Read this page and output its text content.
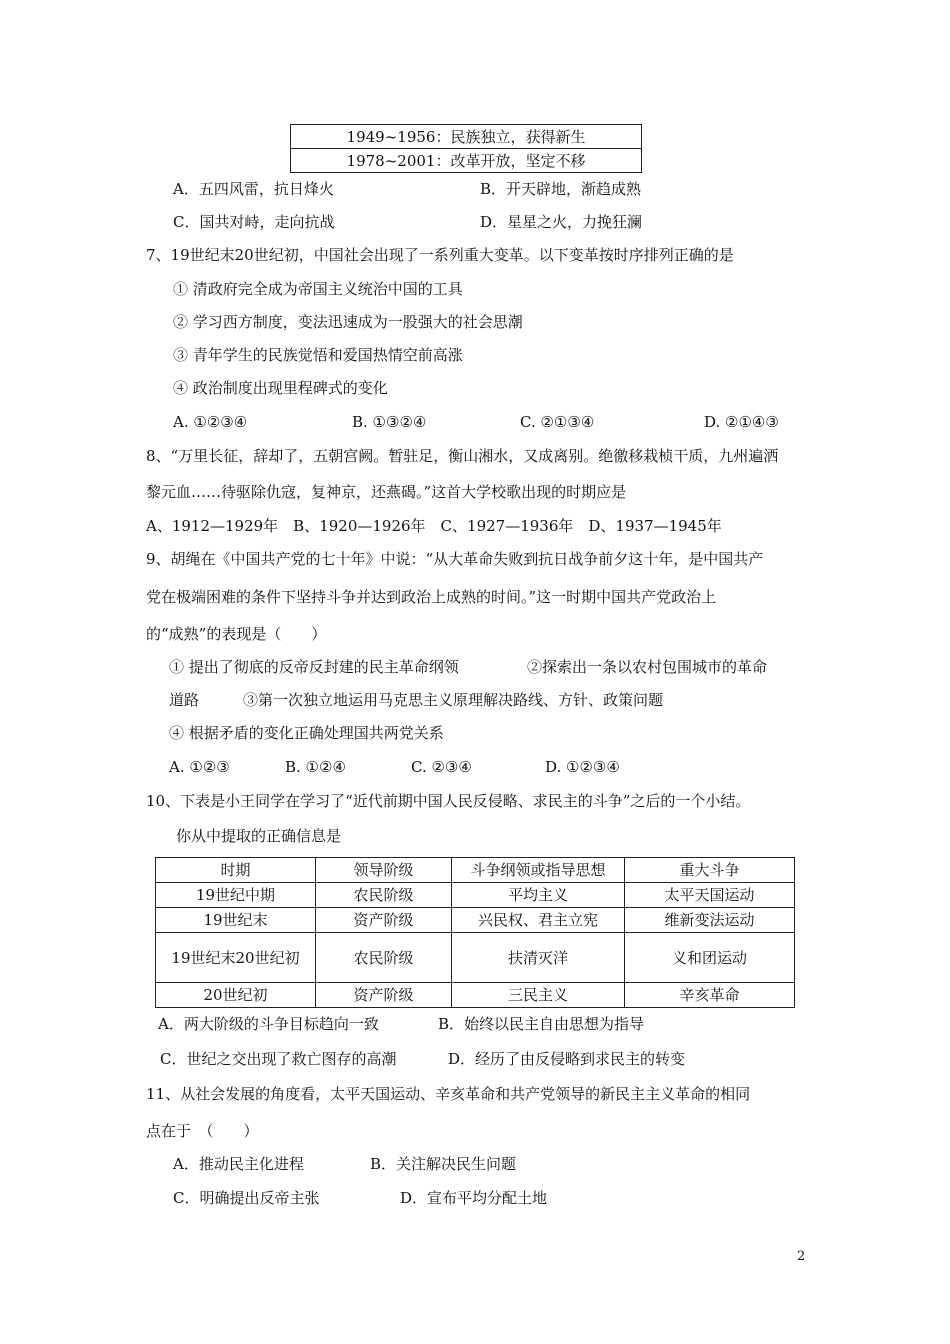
1949~1956：民族独立，获得新生
1978~2001：改革开放，坚定不移
A．五四风雷，抗日烽火	B．开天辟地，渐趋成熟
C．国共对峙，走向抗战	D．星星之火，力挽狂澜
7、19世纪末20世纪初，中国社会出现了一系列重大变革。以下变革按时序排列正确的是
① 清政府完全成为帝国主义统治中国的工具
② 学习西方制度，变法迅速成为一股强大的社会思潮
③ 青年学生的民族觉悟和爱国热情空前高涨
④ 政治制度出现里程碑式的变化
A. ①②③④	B. ①③②④	C. ②①③④	D. ②①④③
8、“万里长征，辞却了，五朝宫阙。暂驻足，衡山湘水，又成离别。绝徼移栽桢干质，九州遍洒
黎元血……待驱除仇寇，复神京，还燕碣。”这首大学校歌出现的时期应是
A、1912—1929年　B、1920—1926年　C、1927—1936年　D、1937—1945年
9、胡绳在《中国共产党的七十年》中说：“从大革命失败到抗日战争前夕这十年，是中国共产
党在极端困难的条件下坚持斗争并达到政治上成熟的时间。”这一时期中国共产党政治上
的“成熟”的表现是（　　）
① 提出了彻底的反帝反封建的民主革命纲领	②探索出一条以农村包围城市的革命
道路	③第一次独立地运用马克思主义原理解决路线、方针、政策问题
④ 根据矛盾的变化正确处理国共两党关系
A. ①②③	B. ①②④	C. ②③④	D. ①②③④
10、下表是小王同学在学习了“近代前期中国人民反侵略、求民主的斗争”之后的一个小结。
你从中提取的正确信息是
时期	领导阶级	斗争纲领或指导思想	重大斗争
19世纪中期	农民阶级	平均主义	太平天国运动
19世纪末	资产阶级	兴民权、君主立宪	维新变法运动
19世纪末20世纪初	农民阶级	扶清灭洋	义和团运动
20世纪初	资产阶级	三民主义	辛亥革命
A．两大阶级的斗争目标趋向一致	B．始终以民主自由思想为指导
C．世纪之交出现了救亡图存的高潮	D．经历了由反侵略到求民主的转变
11、从社会发展的角度看，太平天国运动、辛亥革命和共产党领导的新民主主义革命的相同
点在于　（　　）
A．推动民主化进程	B．关注解决民生问题
C．明确提出反帝主张	D．宣布平均分配土地
2
